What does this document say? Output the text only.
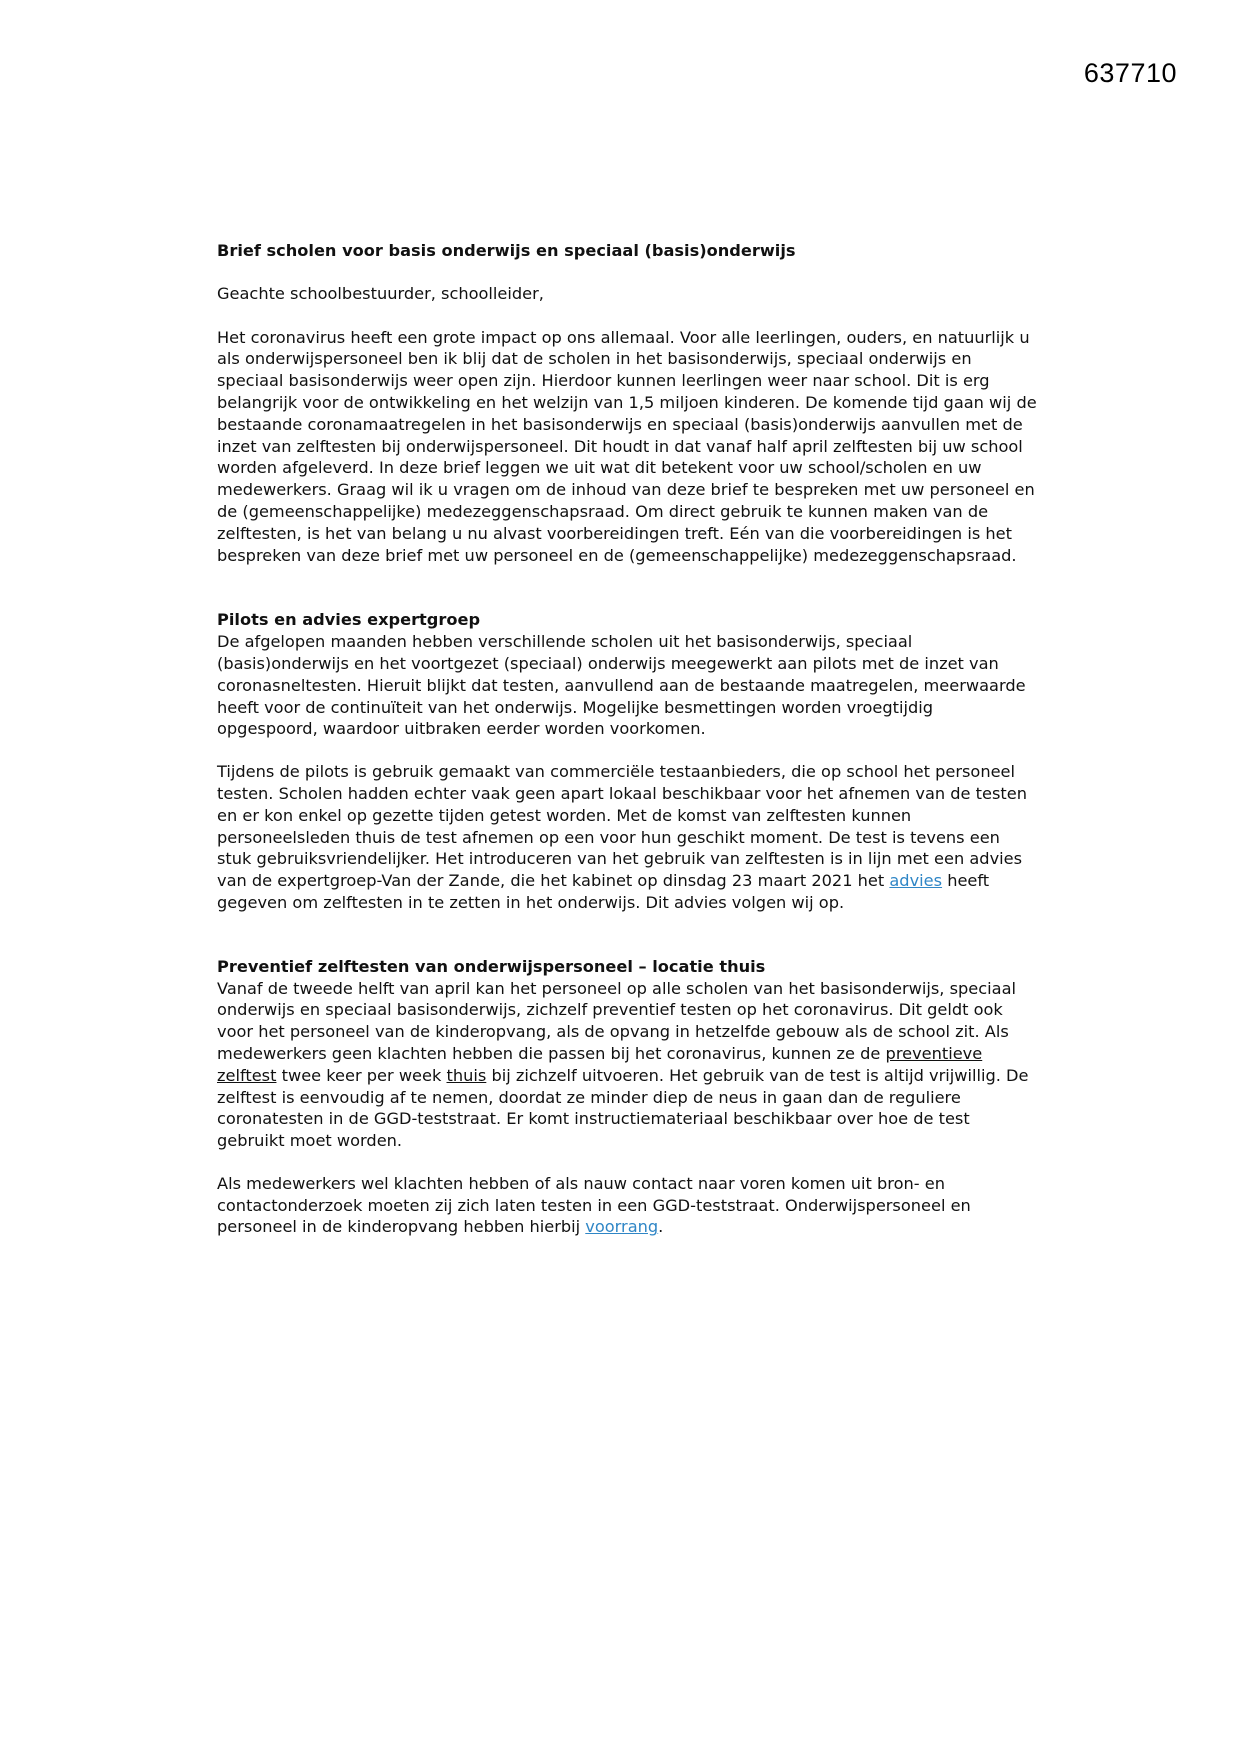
637710

Brief scholen voor basis onderwijs en speciaal (basis)onderwijs

Geachte schoolbestuurder, schoolleider,

Het coronavirus heeft een grote impact op ons allemaal. Voor alle leerlingen, ouders, en natuurlijk u als onderwijspersoneel ben ik blij dat de scholen in het basisonderwijs, speciaal onderwijs en speciaal basisonderwijs weer open zijn. Hierdoor kunnen leerlingen weer naar school. Dit is erg belangrijk voor de ontwikkeling en het welzijn van 1,5 miljoen kinderen. De komende tijd gaan wij de bestaande coronamaatregelen in het basisonderwijs en speciaal (basis)onderwijs aanvullen met de inzet van zelftesten bij onderwijspersoneel. Dit houdt in dat vanaf half april zelftesten bij uw school worden afgeleverd. In deze brief leggen we uit wat dit betekent voor uw school/scholen en uw medewerkers. Graag wil ik u vragen om de inhoud van deze brief te bespreken met uw personeel en de (gemeenschappelijke) medezeggenschapsraad. Om direct gebruik te kunnen maken van de zelftesten, is het van belang u nu alvast voorbereidingen treft. Eén van die voorbereidingen is het bespreken van deze brief met uw personeel en de (gemeenschappelijke) medezeggenschapsraad.

Pilots en advies expertgroep

De afgelopen maanden hebben verschillende scholen uit het basisonderwijs, speciaal (basis)onderwijs en het voortgezet (speciaal) onderwijs meegewerkt aan pilots met de inzet van coronasneltesten. Hieruit blijkt dat testen, aanvullend aan de bestaande maatregelen, meerwaarde heeft voor de continuïteit van het onderwijs. Mogelijke besmettingen worden vroegtijdig opgespoord, waardoor uitbraken eerder worden voorkomen.

Tijdens de pilots is gebruik gemaakt van commerciële testaanbieders, die op school het personeel testen. Scholen hadden echter vaak geen apart lokaal beschikbaar voor het afnemen van de testen en er kon enkel op gezette tijden getest worden. Met de komst van zelftesten kunnen personeelsleden thuis de test afnemen op een voor hun geschikt moment. De test is tevens een stuk gebruiksvriendelijker. Het introduceren van het gebruik van zelftesten is in lijn met een advies van de expertgroep-Van der Zande, die het kabinet op dinsdag 23 maart 2021 het advies heeft gegeven om zelftesten in te zetten in het onderwijs. Dit advies volgen wij op.

Preventief zelftesten van onderwijspersoneel – locatie thuis

Vanaf de tweede helft van april kan het personeel op alle scholen van het basisonderwijs, speciaal onderwijs en speciaal basisonderwijs, zichzelf preventief testen op het coronavirus. Dit geldt ook voor het personeel van de kinderopvang, als de opvang in hetzelfde gebouw als de school zit. Als medewerkers geen klachten hebben die passen bij het coronavirus, kunnen ze de preventieve zelftest twee keer per week thuis bij zichzelf uitvoeren. Het gebruik van de test is altijd vrijwillig. De zelftest is eenvoudig af te nemen, doordat ze minder diep de neus in gaan dan de reguliere coronatesten in de GGD-teststraat. Er komt instructiemateriaal beschikbaar over hoe de test gebruikt moet worden.

Als medewerkers wel klachten hebben of als nauw contact naar voren komen uit bron- en contactonderzoek moeten zij zich laten testen in een GGD-teststraat. Onderwijspersoneel en personeel in de kinderopvang hebben hierbij voorrang.
